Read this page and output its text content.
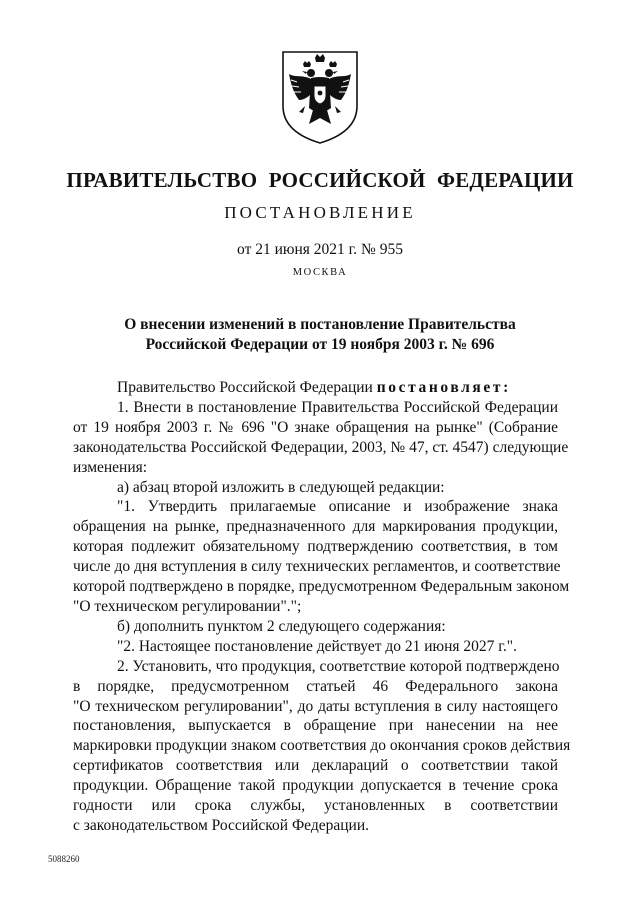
ПРАВИТЕЛЬСТВО РОССИЙСКОЙ ФЕДЕРАЦИИ
ПОСТАНОВЛЕНИЕ
от 21 июня 2021 г. № 955
МОСКВА
О внесении изменений в постановление Правительства
Российской Федерации от 19 ноября 2003 г. № 696
Правительство Российской Федерации постановляет:
1. Внести в постановление Правительства Российской Федерации
от 19 ноября 2003 г. № 696 "О знаке обращения на рынке" (Собрание
законодательства Российской Федерации, 2003, № 47, ст. 4547) следующие
изменения:
а) абзац второй изложить в следующей редакции:
"1. Утвердить прилагаемые описание и изображение знака
обращения на рынке, предназначенного для маркирования продукции,
которая подлежит обязательному подтверждению соответствия, в том
числе до дня вступления в силу технических регламентов, и соответствие
которой подтверждено в порядке, предусмотренном Федеральным законом
"О техническом регулировании".";
б) дополнить пунктом 2 следующего содержания:
"2. Настоящее постановление действует до 21 июня 2027 г.".
2. Установить, что продукция, соответствие которой подтверждено
в порядке, предусмотренном статьей 46 Федерального закона
"О техническом регулировании", до даты вступления в силу настоящего
постановления, выпускается в обращение при нанесении на нее
маркировки продукции знаком соответствия до окончания сроков действия
сертификатов соответствия или деклараций о соответствии такой
продукции. Обращение такой продукции допускается в течение срока
годности или срока службы, установленных в соответствии
с законодательством Российской Федерации.
5088260
